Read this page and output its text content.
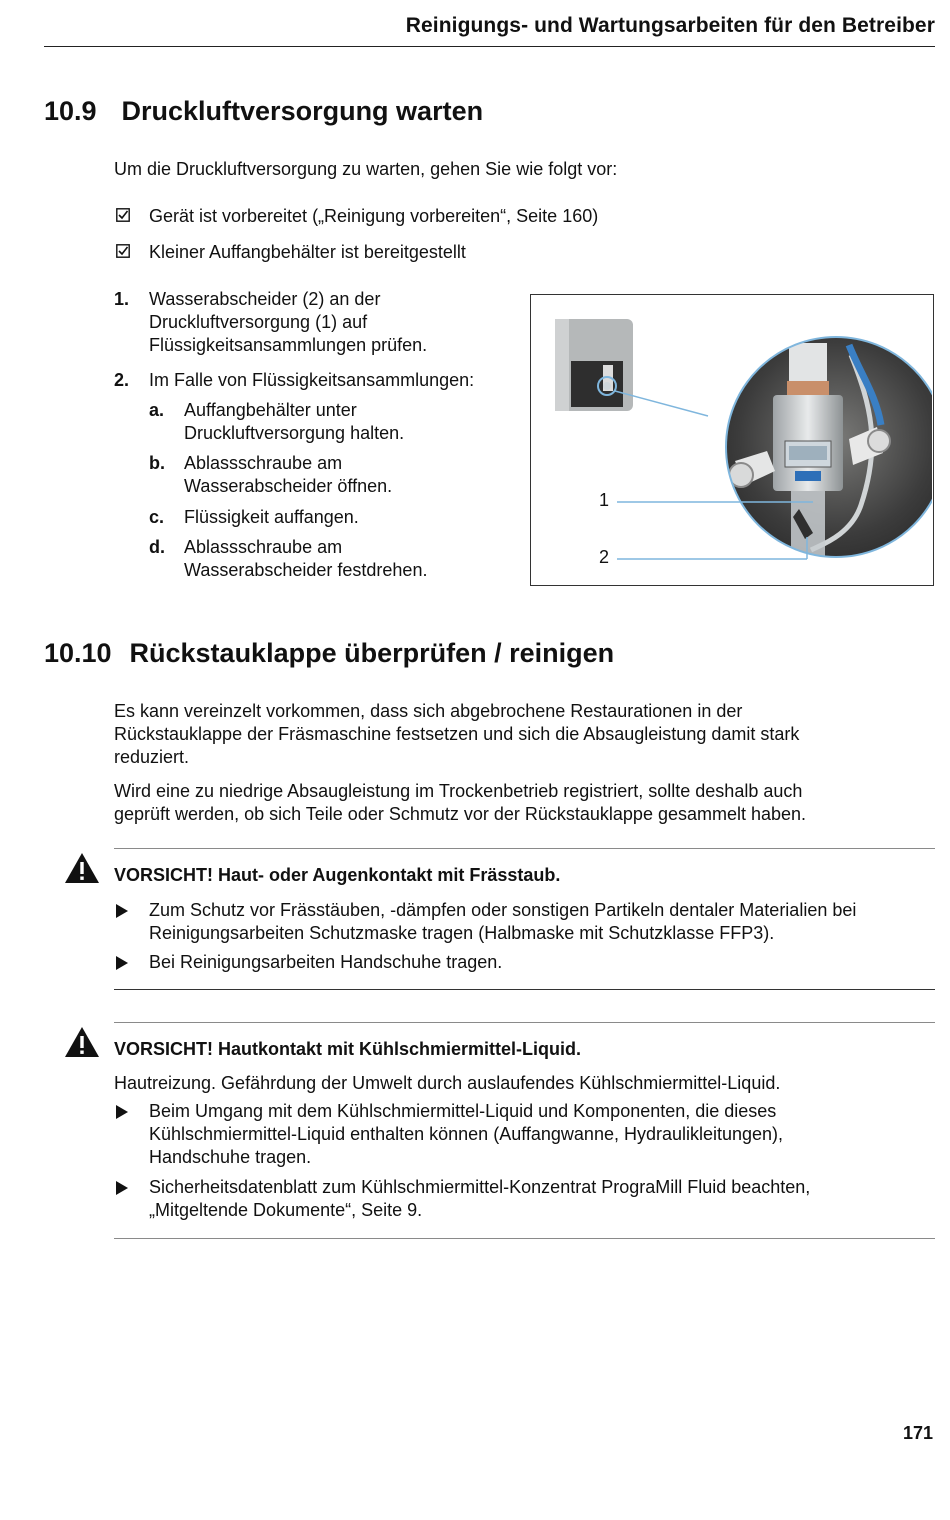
Reinigungs- und Wartungsarbeiten für den Betreiber
10.9 Druckluftversorgung warten

Um die Druckluftversorgung zu warten, gehen Sie wie folgt vor:

Gerät ist vorbereitet („Reinigung vorbereiten“, Seite 160)
Kleiner Auffangbehälter ist bereitgestellt
1. Wasserabscheider (2) an der
Druckluftversorgung (1) auf
Flüssigkeitsansammlungen prüfen.
2. Im Falle von Flüssigkeitsansammlungen:
a. Auffangbehälter unter
Druckluftversorgung halten.
b. Ablassschraube am
Wasserabscheider öffnen.
c. Flüssigkeit auffangen.
d. Ablassschraube am
Wasserabscheider festdrehen.
1
2
10.10 Rückstauklappe überprüfen / reinigen
Es kann vereinzelt vorkommen, dass sich abgebrochene Restaurationen in der
Rückstauklappe der Fräsmaschine festsetzen und sich die Absaugleistung damit stark
reduziert.
Wird eine zu niedrige Absaugleistung im Trockenbetrieb registriert, sollte deshalb auch
geprüft werden, ob sich Teile oder Schmutz vor der Rückstauklappe gesammelt haben.
VORSICHT! Haut- oder Augenkontakt mit Frässtaub.
Zum Schutz vor Frässtäuben, -dämpfen oder sonstigen Partikeln dentaler Materialien bei
Reinigungsarbeiten Schutzmaske tragen (Halbmaske mit Schutzklasse FFP3).
Bei Reinigungsarbeiten Handschuhe tragen.
VORSICHT! Hautkontakt mit Kühlschmiermittel-Liquid.
Hautreizung. Gefährdung der Umwelt durch auslaufendes Kühlschmiermittel-Liquid.
Beim Umgang mit dem Kühlschmiermittel-Liquid und Komponenten, die dieses
Kühlschmiermittel-Liquid enthalten können (Auffangwanne, Hydraulikleitungen),
Handschuhe tragen.
Sicherheitsdatenblatt zum Kühlschmiermittel-Konzentrat PrograMill Fluid beachten,
„Mitgeltende Dokumente“, Seite 9.
171
